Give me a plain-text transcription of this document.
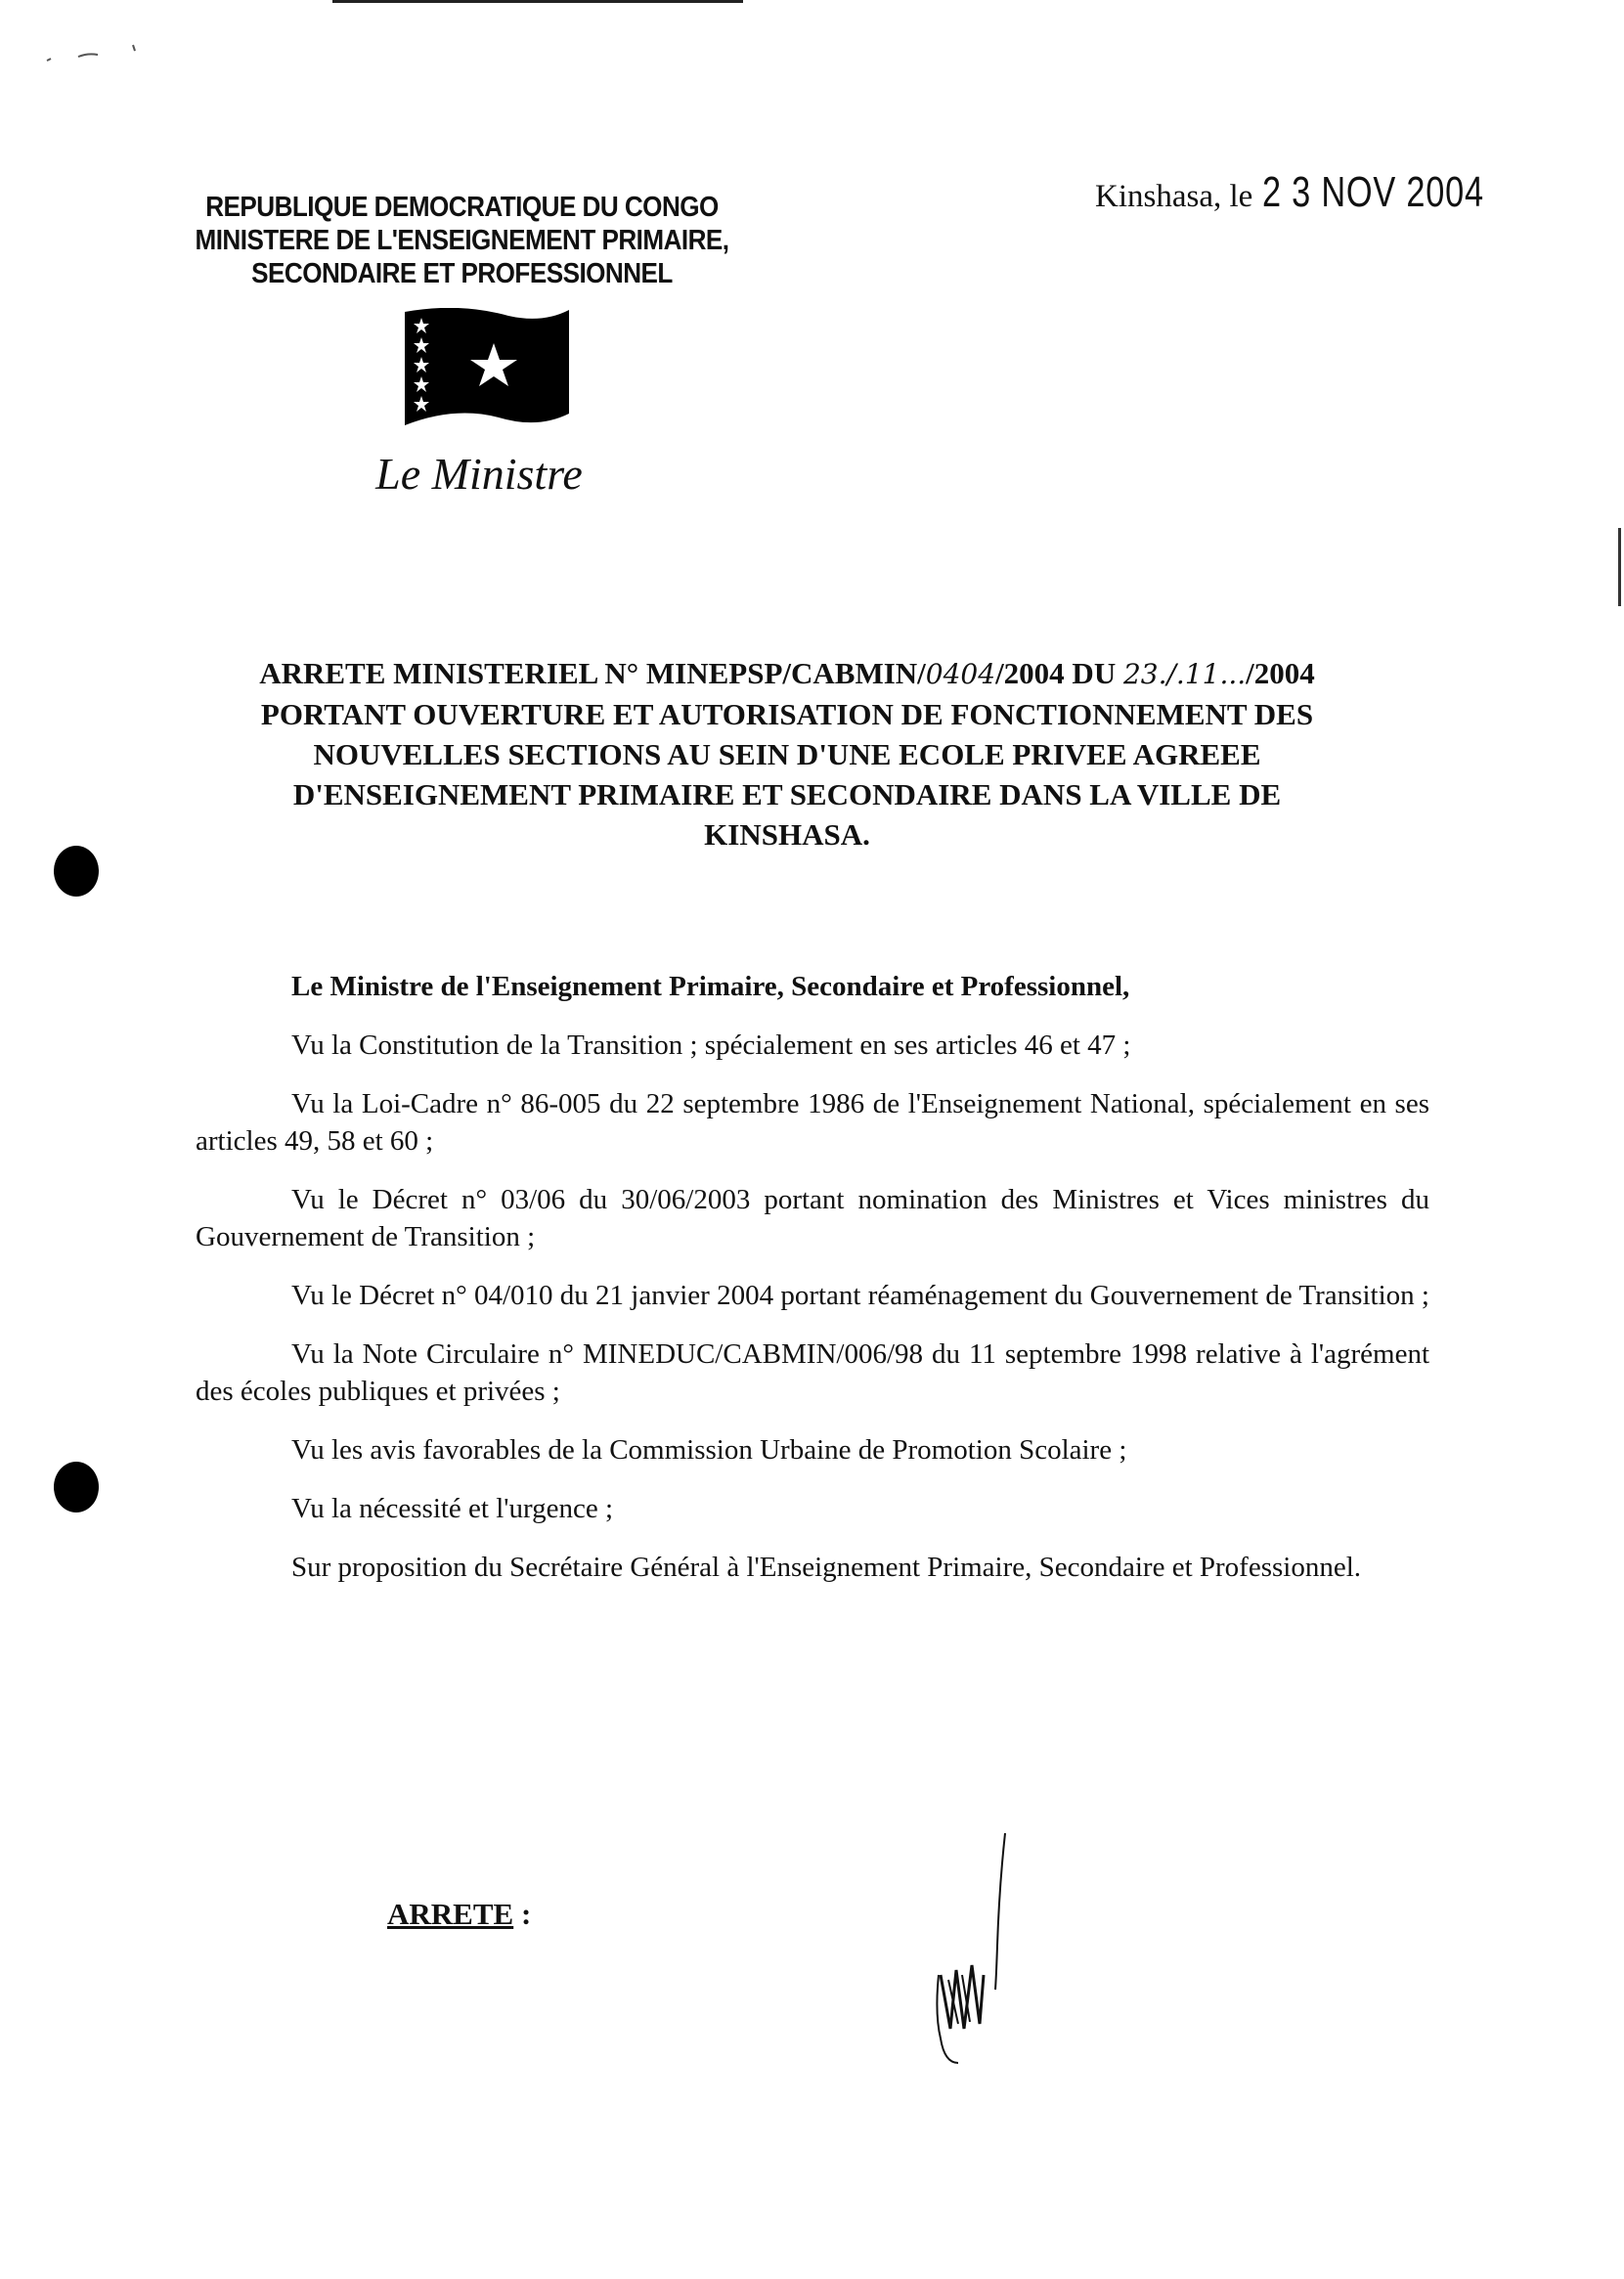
REPUBLIQUE DEMOCRATIQUE DU CONGO
MINISTERE DE L'ENSEIGNEMENT PRIMAIRE,
SECONDAIRE ET PROFESSIONNEL
Kinshasa, le 2 3 NOV 2004
Le Ministre
ARRETE MINISTERIEL N° MINEPSP/CABMIN/0404/2004 DU 23./.11.../2004
PORTANT OUVERTURE ET AUTORISATION DE FONCTIONNEMENT DES
NOUVELLES SECTIONS AU SEIN D'UNE ECOLE PRIVEE AGREEE
D'ENSEIGNEMENT PRIMAIRE ET SECONDAIRE DANS LA VILLE DE
KINSHASA.
Le Ministre de l'Enseignement Primaire, Secondaire et Professionnel,

Vu la Constitution de la Transition ; spécialement en ses articles 46 et 47 ;

Vu la Loi-Cadre n° 86-005 du 22 septembre 1986 de l'Enseignement National, spécialement en ses articles 49, 58 et 60 ;

Vu le Décret n° 03/06 du 30/06/2003 portant nomination des Ministres et Vices ministres du Gouvernement de Transition ;

Vu le Décret n° 04/010 du 21 janvier 2004 portant réaménagement du Gouvernement de Transition ;

Vu la Note Circulaire n° MINEDUC/CABMIN/006/98 du 11 septembre 1998 relative à l'agrément des écoles publiques et privées ;

Vu les avis favorables de la Commission Urbaine de Promotion Scolaire ;

Vu la nécessité et l'urgence ;

Sur proposition du Secrétaire Général à l'Enseignement Primaire, Secondaire et Professionnel.

ARRETE :
